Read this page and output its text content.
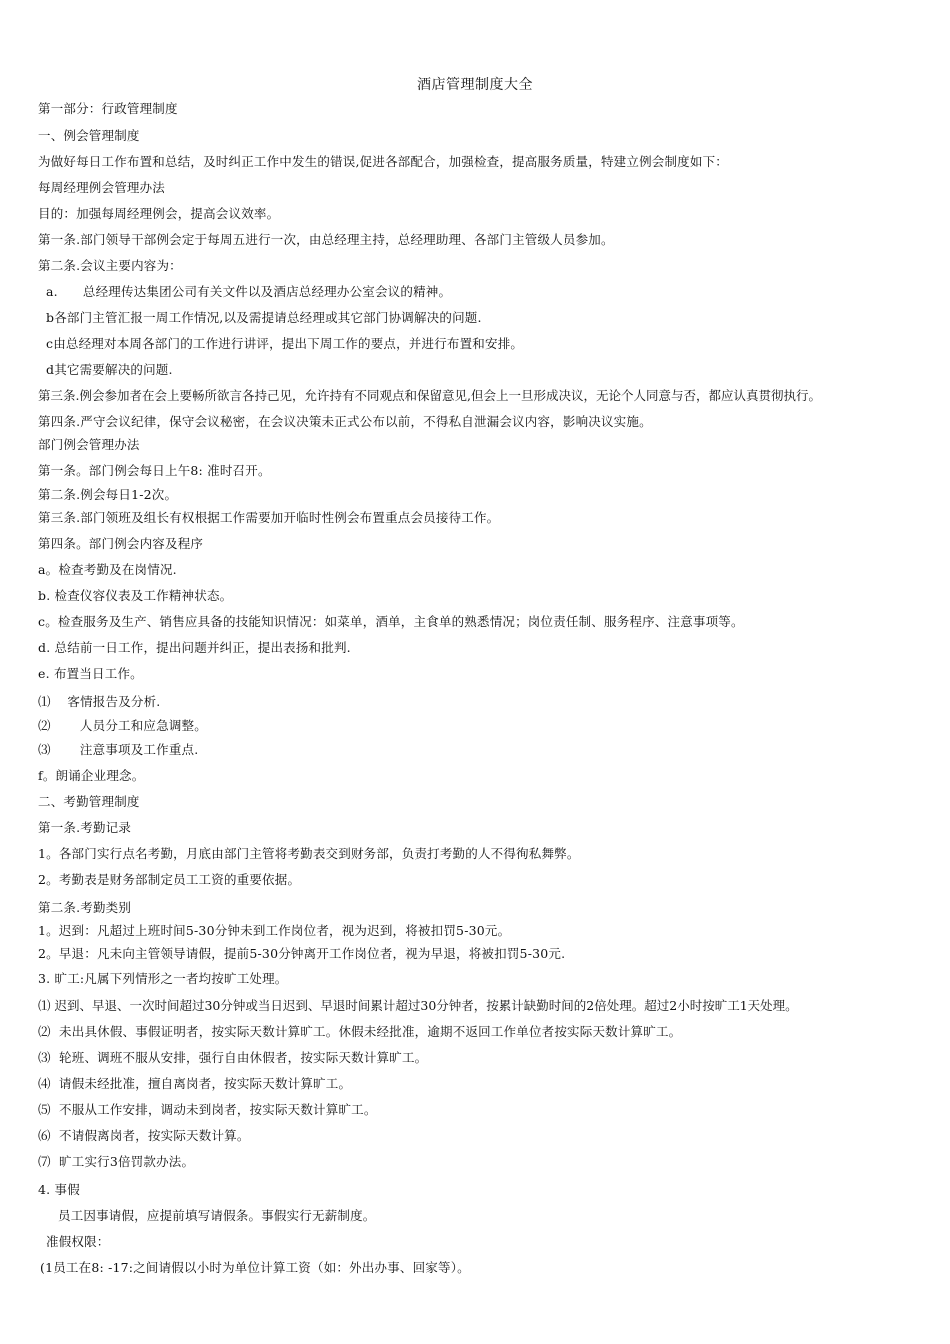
酒店管理制度大全
第一部分：行政管理制度
一、例会管理制度
为做好每日工作布置和总结，及时纠正工作中发生的错误,促进各部配合，加强检查，提高服务质量，特建立例会制度如下：
每周经理例会管理办法
目的：加强每周经理例会，提高会议效率。
第一条.部门领导干部例会定于每周五进行一次，由总经理主持，总经理助理、各部门主管级人员参加。
第二条.会议主要内容为：
a.      总经理传达集团公司有关文件以及酒店总经理办公室会议的精神。
b各部门主管汇报一周工作情况,以及需提请总经理或其它部门协调解决的问题.
c由总经理对本周各部门的工作进行讲评，提出下周工作的要点，并进行布置和安排。
d其它需要解决的问题.
第三条.例会参加者在会上要畅所欲言各持己见，允许持有不同观点和保留意见,但会上一旦形成决议，无论个人同意与否，都应认真贯彻执行。
第四条.严守会议纪律，保守会议秘密，在会议决策未正式公布以前，不得私自泄漏会议内容，影响决议实施。
部门例会管理办法
第一条。部门例会每日上午8: 准时召开。
第二条.例会每日1-2次。
第三条.部门领班及组长有权根据工作需要加开临时性例会布置重点会员接待工作。
第四条。部门例会内容及程序
a。检查考勤及在岗情况.
b. 检查仪容仪表及工作精神状态。
c。检查服务及生产、销售应具备的技能知识情况：如菜单，酒单，主食单的熟悉情况；岗位责任制、服务程序、注意事项等。
d. 总结前一日工作，提出问题并纠正，提出表扬和批判.
e. 布置当日工作。
⑴    客情报告及分析.
⑵       人员分工和应急调整。
⑶       注意事项及工作重点.
f。朗诵企业理念。
二、考勤管理制度
第一条.考勤记录
1。各部门实行点名考勤，月底由部门主管将考勤表交到财务部，负责打考勤的人不得徇私舞弊。
2。考勤表是财务部制定员工工资的重要依据。
第二条.考勤类别
1。迟到：凡超过上班时间5-30分钟未到工作岗位者，视为迟到，将被扣罚5-30元。
2。早退：凡未向主管领导请假，提前5-30分钟离开工作岗位者，视为早退，将被扣罚5-30元.
3. 旷工:凡属下列情形之一者均按旷工处理。
⑴ 迟到、早退、一次时间超过30分钟或当日迟到、早退时间累计超过30分钟者，按累计缺勤时间的2倍处理。超过2小时按旷工1天处理。
⑵  未出具休假、事假证明者，按实际天数计算旷工。休假未经批准，逾期不返回工作单位者按实际天数计算旷工。
⑶  轮班、调班不服从安排，强行自由休假者，按实际天数计算旷工。
⑷  请假未经批准，擅自离岗者，按实际天数计算旷工。
⑸  不服从工作安排，调动未到岗者，按实际天数计算旷工。
⑹  不请假离岗者，按实际天数计算。
⑺  旷工实行3倍罚款办法。
4. 事假
员工因事请假，应提前填写请假条。事假实行无薪制度。
准假权限：
(1员工在8: -17:之间请假以小时为单位计算工资（如：外出办事、回家等）。
